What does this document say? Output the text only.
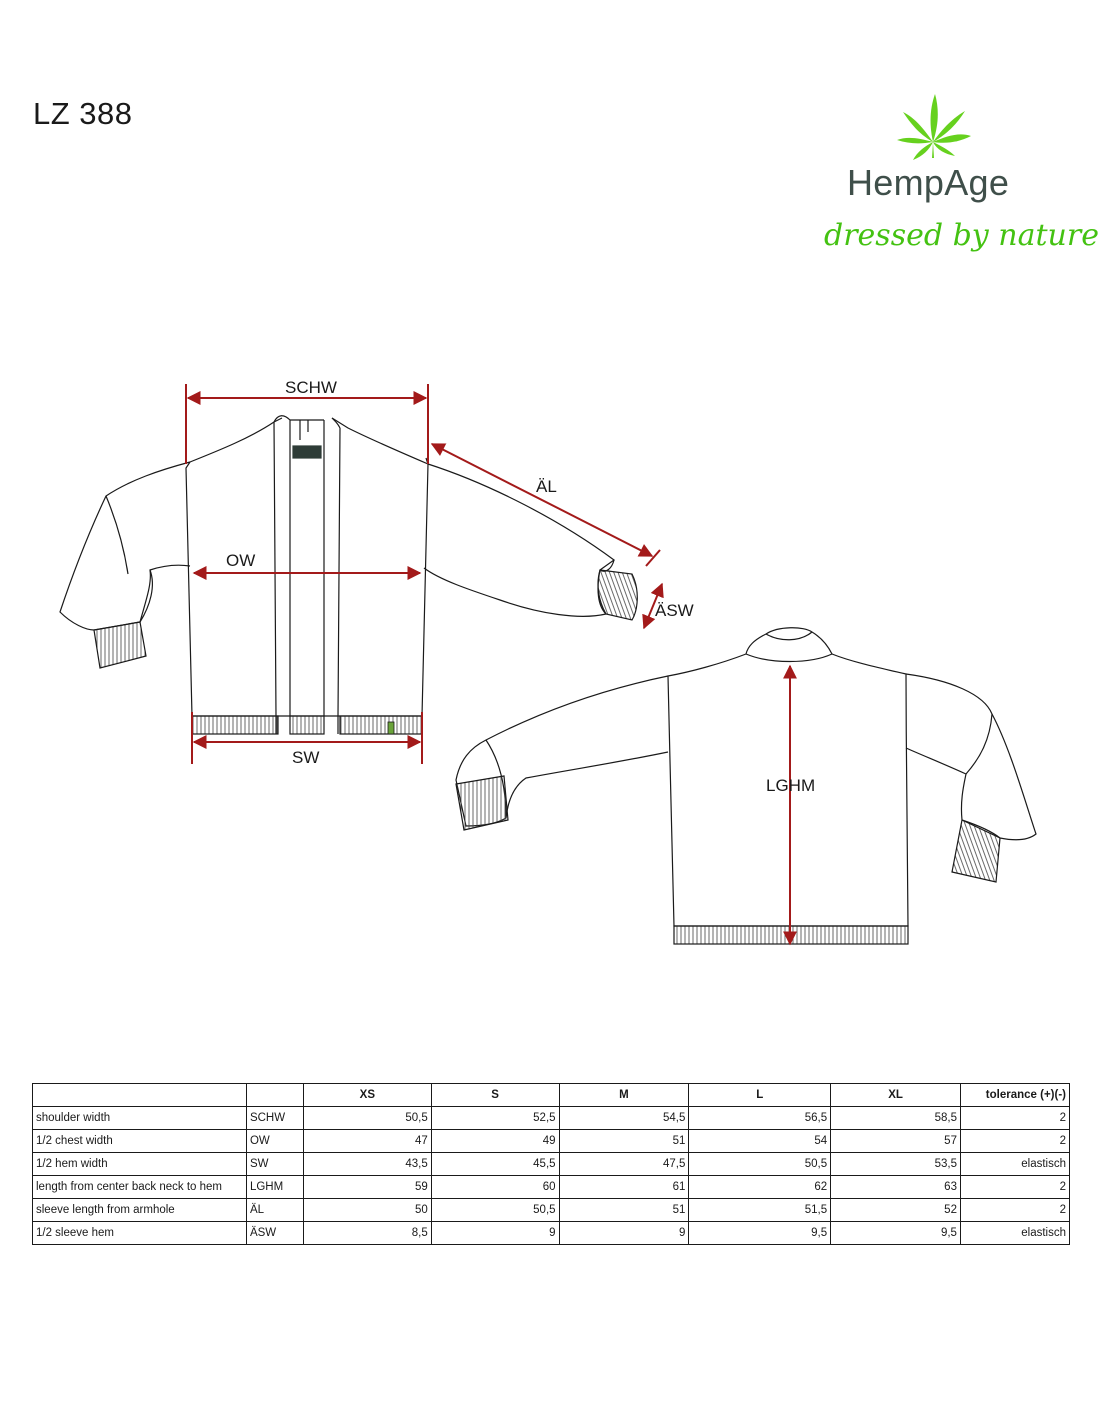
LZ 388
HempAge
dressed by nature
SCHW
ÄL
OW
ÄSW
SW
LGHM
		XS	S	M	L	XL	tolerance (+)(-)
shoulder width	SCHW	50,5	52,5	54,5	56,5	58,5	2
1/2 chest width	OW	47	49	51	54	57	2
1/2 hem width	SW	43,5	45,5	47,5	50,5	53,5	elastisch
length from center back neck to hem	LGHM	59	60	61	62	63	2
sleeve length from armhole	ÄL	50	50,5	51	51,5	52	2
1/2 sleeve hem	ÄSW	8,5	9	9	9,5	9,5	elastisch
